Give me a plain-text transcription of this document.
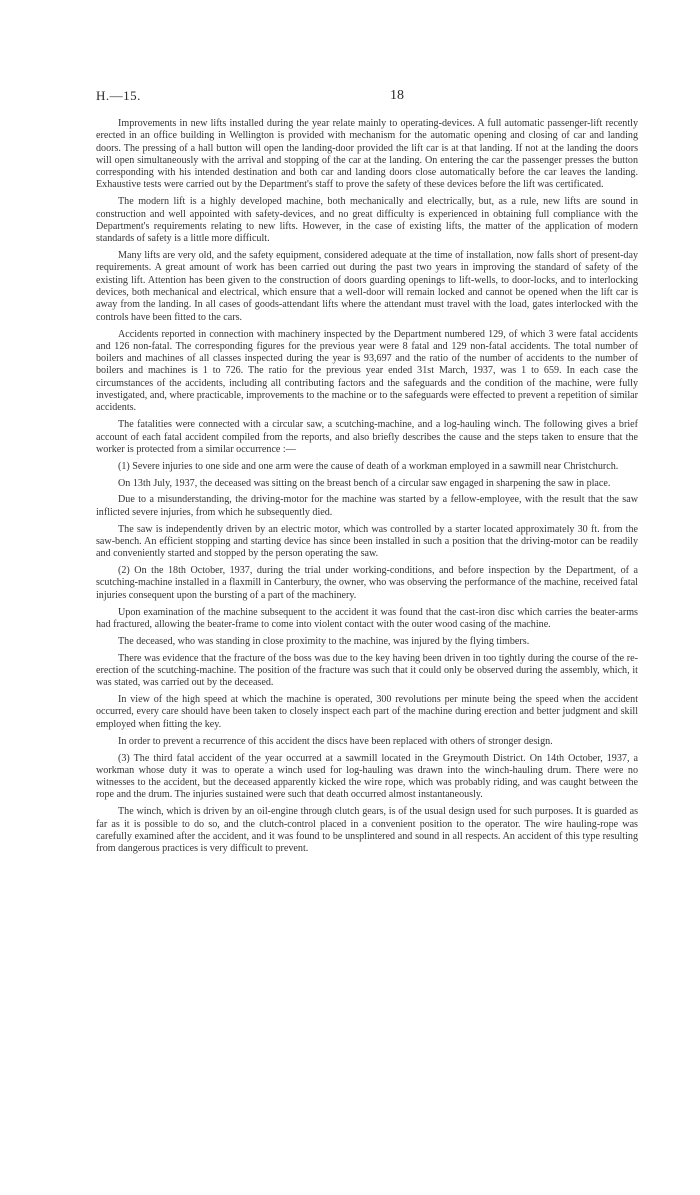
H.—15.	18

Improvements in new lifts installed during the year relate mainly to operating-devices. A full automatic passenger-lift recently erected in an office building in Wellington is provided with mechanism for the automatic opening and closing of car and landing doors. The pressing of a hall button will open the landing-door provided the lift car is at that landing. If not at the landing the doors will open simultaneously with the arrival and stopping of the car at the landing. On entering the car the passenger presses the button corresponding with his intended destination and both car and landing doors close automatically before the car leaves the landing. Exhaustive tests were carried out by the Department's staff to prove the safety of these devices before the lift was certificated.

The modern lift is a highly developed machine, both mechanically and electrically, but, as a rule, new lifts are sound in construction and well appointed with safety-devices, and no great difficulty is experienced in obtaining full compliance with the Department's requirements relating to new lifts. However, in the case of existing lifts, the matter of the application of modern standards of safety is a little more difficult.

Many lifts are very old, and the safety equipment, considered adequate at the time of installation, now falls short of present-day requirements. A great amount of work has been carried out during the past two years in improving the standard of safety of the existing lift. Attention has been given to the construction of doors guarding openings to lift-wells, to door-locks, and to interlocking devices, both mechanical and electrical, which ensure that a well-door will remain locked and cannot be opened when the lift car is away from the landing. In all cases of goods-attendant lifts where the attendant must travel with the load, gates interlocked with the controls have been fitted to the cars.

Accidents reported in connection with machinery inspected by the Department numbered 129, of which 3 were fatal accidents and 126 non-fatal. The corresponding figures for the previous year were 8 fatal and 129 non-fatal accidents. The total number of boilers and machines of all classes inspected during the year is 93,697 and the ratio of the number of accidents to the number of boilers and machines is 1 to 726. The ratio for the previous year ended 31st March, 1937, was 1 to 659. In each case the circumstances of the accidents, including all contributing factors and the safeguards and the condition of the machine, were fully investigated, and, where practicable, improvements to the machine or to the safeguards were effected to prevent a repetition of similar accidents.

The fatalities were connected with a circular saw, a scutching-machine, and a log-hauling winch. The following gives a brief account of each fatal accident compiled from the reports, and also briefly describes the cause and the steps taken to ensure that the worker is protected from a similar occurrence :—

(1) Severe injuries to one side and one arm were the cause of death of a workman employed in a sawmill near Christchurch.

On 13th July, 1937, the deceased was sitting on the breast bench of a circular saw engaged in sharpening the saw in place.

Due to a misunderstanding, the driving-motor for the machine was started by a fellow-employee, with the result that the saw inflicted severe injuries, from which he subsequently died.

The saw is independently driven by an electric motor, which was controlled by a starter located approximately 30 ft. from the saw-bench. An efficient stopping and starting device has since been installed in such a position that the driving-motor can be readily and conveniently started and stopped by the person operating the saw.

(2) On the 18th October, 1937, during the trial under working-conditions, and before inspection by the Department, of a scutching-machine installed in a flaxmill in Canterbury, the owner, who was observing the performance of the machine, received fatal injuries consequent upon the bursting of a part of the machinery.

Upon examination of the machine subsequent to the accident it was found that the cast-iron disc which carries the beater-arms had fractured, allowing the beater-frame to come into violent contact with the outer wood casing of the machine.

The deceased, who was standing in close proximity to the machine, was injured by the flying timbers.

There was evidence that the fracture of the boss was due to the key having been driven in too tightly during the course of the re-erection of the scutching-machine. The position of the fracture was such that it could only be observed during the assembly, which, it was stated, was carried out by the deceased.

In view of the high speed at which the machine is operated, 300 revolutions per minute being the speed when the accident occurred, every care should have been taken to closely inspect each part of the machine during erection and better judgment and skill employed when fitting the key.

In order to prevent a recurrence of this accident the discs have been replaced with others of stronger design.

(3) The third fatal accident of the year occurred at a sawmill located in the Greymouth District. On 14th October, 1937, a workman whose duty it was to operate a winch used for log-hauling was drawn into the winch-hauling drum. There were no witnesses to the accident, but the deceased apparently kicked the wire rope, which was probably riding, and was caught between the rope and the drum. The injuries sustained were such that death occurred almost instantaneously.

The winch, which is driven by an oil-engine through clutch gears, is of the usual design used for such purposes. It is guarded as far as it is possible to do so, and the clutch-control placed in a convenient position to the operator. The wire hauling-rope was carefully examined after the accident, and it was found to be unsplintered and sound in all respects. An accident of this type resulting from dangerous practices is very difficult to prevent.
